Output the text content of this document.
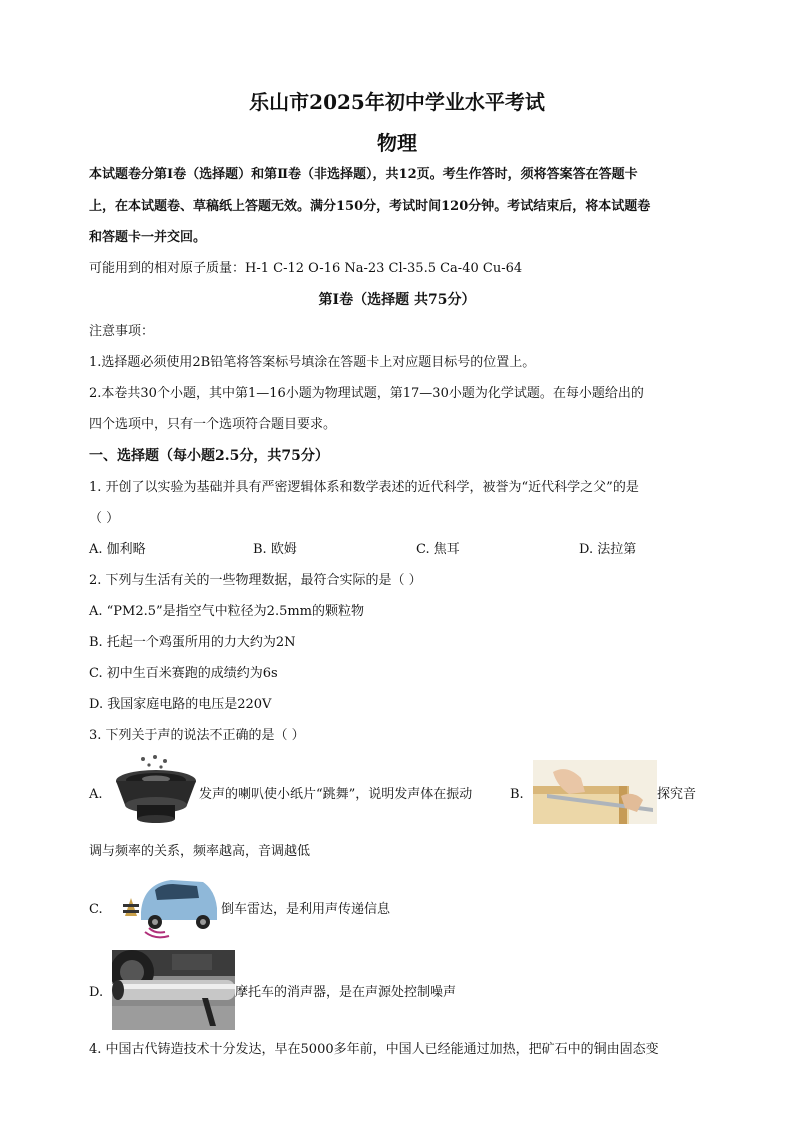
乐山市2025年初中学业水平考试
物理
本试题卷分第Ⅰ卷（选择题）和第Ⅱ卷（非选择题），共12页。考生作答时，须将答案答在答题卡
上，在本试题卷、草稿纸上答题无效。满分150分，考试时间120分钟。考试结束后，将本试题卷
和答题卡一并交回。
可能用到的相对原子质量：H-1 C-12 O-16 Na-23 Cl-35.5 Ca-40 Cu-64
第Ⅰ卷（选择题 共75分）
注意事项：
1.选择题必须使用2B铅笔将答案标号填涂在答题卡上对应题目标号的位置上。
2.本卷共30个小题，其中第1—16小题为物理试题，第17—30小题为化学试题。在每小题给出的
四个选项中，只有一个选项符合题目要求。
一、选择题（每小题2.5分，共75分）
1. 开创了以实验为基础并具有严密逻辑体系和数学表述的近代科学，被誉为“近代科学之父”的是
（ ）
A. 伽利略	B. 欧姆	C. 焦耳	D. 法拉第
2. 下列与生活有关的一些物理数据，最符合实际的是（ ）
A. “PM2.5”是指空气中粒径为2.5mm的颗粒物
B. 托起一个鸡蛋所用的力大约为2N
C. 初中生百米赛跑的成绩约为6s
D. 我国家庭电路的电压是220V
3. 下列关于声的说法不正确的是（ ）
A.	发声的喇叭使小纸片“跳舞”，说明发声体在振动	B.	探究音
调与频率的关系，频率越高，音调越低
C.	倒车雷达，是利用声传递信息
D.	摩托车的消声器，是在声源处控制噪声
4. 中国古代铸造技术十分发达，早在5000多年前，中国人已经能通过加热，把矿石中的铜由固态变
